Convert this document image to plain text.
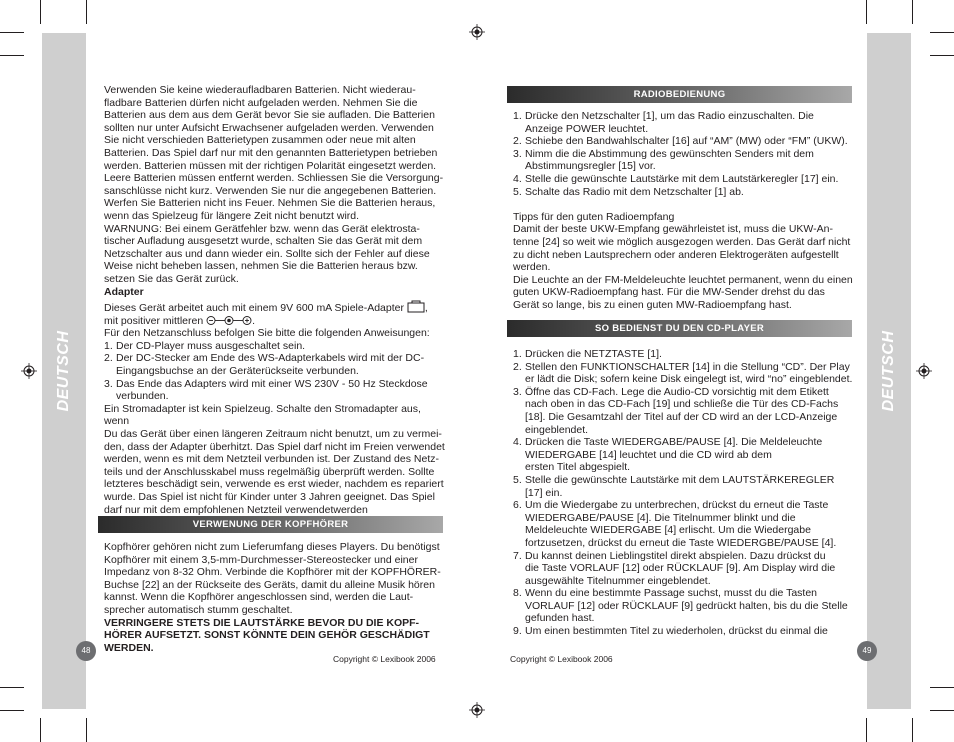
DEUTSCH	DEUTSCH
48	49

Verwenden Sie keine wiederaufladbaren Batterien. Nicht wiederau-

fladbare Batterien dürfen nicht aufgeladen werden. Nehmen Sie die

Batterien aus dem aus dem Gerät bevor Sie sie aufladen. Die Batterien

sollten nur unter Aufsicht Erwachsener aufgeladen werden. Verwenden

Sie nicht verschieden Batterietypen zusammen oder neue mit alten

Batterien. Das Spiel darf nur mit den genannten Batterietypen betrieben

werden. Batterien müssen mit der richtigen Polarität eingesetzt werden.

Leere Batterien müssen entfernt werden. Schliessen Sie die Versorgung-

sanschlüsse nicht kurz. Verwenden Sie nur die angegebenen Batterien.

Werfen Sie Batterien nicht ins Feuer. Nehmen Sie die Batterien heraus,

wenn das Spielzeug für längere Zeit nicht benutzt wird.

WARNUNG: Bei einem Gerätfehler bzw. wenn das Gerät elektrosta-

tischer Aufladung ausgesetzt wurde, schalten Sie das Gerät mit dem

Netzschalter aus und dann wieder ein. Sollte sich der Fehler auf diese

Weise nicht beheben lassen, nehmen Sie die Batterien heraus bzw.

setzen Sie das Gerät zurück.

Adapter

Dieses Gerät arbeitet auch mit einem 9V 600 mA Spiele-Adapter ,

mit positiver mittleren	.

Für den Netzanschluss befolgen Sie bitte die folgenden Anweisungen:

1. Der CD-Player muss ausgeschaltet sein.
2. Der DC-Stecker am Ende des WS-Adapterkabels wird mit der DC-
Eingangsbuchse an der Geräterückseite verbunden.
3. Das Ende das Adapters wird mit einer WS 230V - 50 Hz Steckdose
verbunden.

Ein Stromadapter ist kein Spielzeug. Schalte den Stromadapter aus, wenn

Du das Gerät über einen längeren Zeitraum nicht benutzt, um zu vermei-

den, dass der Adapter überhitzt. Das Spiel darf nicht im Freien verwendet

werden, wenn es mit dem Netzteil verbunden ist. Der Zustand des Netz-

teils und der Anschlusskabel muss regelmäßig überprüft werden. Sollte

letzteres beschädigt sein, verwende es erst wieder, nachdem es repariert

wurde. Das Spiel ist nicht für Kinder unter 3 Jahren geeignet. Das Spiel

darf nur mit dem empfohlenen Netzteil verwendetwerden

VERWENUNG DER KOPFHÖRER

Kopfhörer gehören nicht zum Lieferumfang dieses Players. Du benötigst

Kopfhörer mit einem 3,5-mm-Durchmesser-Stereostecker und einer

Impedanz von 8-32 Ohm. Verbinde die Kopfhörer mit der KOPFHÖRER-

Buchse [22] an der Rückseite des Geräts, damit du alleine Musik hören

kannst. Wenn die Kopfhörer angeschlossen sind, werden die Laut-

sprecher automatisch stumm geschaltet.

VERRINGERE STETS DIE LAUTSTÄRKE BEVOR DU DIE KOPF-

HÖRER AUFSETZT. SONST KÖNNTE DEIN GEHÖR GESCHÄDIGT

WERDEN.

Copyright © Lexibook 2006
RADIOBEDIENUNG
1. Drücke den Netzschalter [1], um das Radio einzuschalten. Die
Anzeige POWER leuchtet.
2. Schiebe den Bandwahlschalter [16] auf “AM” (MW) oder “FM” (UKW).
3. Nimm die die Abstimmung des gewünschten Senders mit dem
Abstimmungsregler [15] vor.
4. Stelle die gewünschte Lautstärke mit dem Lautstärkeregler [17] ein.
5. Schalte das Radio mit dem Netzschalter [1] ab.

Tipps für den guten Radioempfang

Damit der beste UKW-Empfang gewährleistet ist, muss die UKW-An-

tenne [24] so weit wie möglich ausgezogen werden. Das Gerät darf nicht

zu dicht neben Lautsprechern oder anderen Elektrogeräten aufgestellt

werden.

Die Leuchte an der FM-Meldeleuchte leuchtet permanent, wenn du einen

guten UKW-Radioempfang hast. Für die MW-Sender drehst du das

Gerät so lange, bis zu einen guten MW-Radioempfang hast.

SO BEDIENST DU DEN CD-PLAYER
1. Drücken die NETZTASTE [1].
2. Stellen den FUNKTIONSCHALTER [14] in die Stellung “CD”. Der Play
er lädt die Disk; sofern keine Disk eingelegt ist, wird “no” eingeblendet.
3. Öffne das CD-Fach. Lege die Audio-CD vorsichtig mit dem Etikett
nach oben in das CD-Fach [19] und schließe die Tür des CD-Fachs
[18]. Die Gesamtzahl der Titel auf der CD wird an der LCD-Anzeige
eingeblendet.
4. Drücken die Taste WIEDERGABE/PAUSE [4]. Die Meldeleuchte
WIEDERGABE [14] leuchtet und die CD wird ab dem
ersten Titel abgespielt.
5. Stelle die gewünschte Lautstärke mit dem LAUTSTÄRKEREGLER
[17] ein.
6. Um die Wiedergabe zu unterbrechen, drückst du erneut die Taste
WIEDERGABE/PAUSE [4]. Die Titelnummer blinkt und die
Meldeleuchte WIEDERGABE [4] erlischt. Um die Wiedergabe
fortzusetzen, drückst du erneut die Taste WIEDERGBE/PAUSE [4].
7. Du kannst deinen Lieblingstitel direkt abspielen. Dazu drückst du
die Taste VORLAUF [12] oder RÜCKLAUF [9]. Am Display wird die
ausgewählte Titelnummer eingeblendet.
8. Wenn du eine bestimmte Passage suchst, musst du die Tasten
VORLAUF [12] oder RÜCKLAUF [9] gedrückt halten, bis du die Stelle
gefunden hast.
9. Um einen bestimmten Titel zu wiederholen, drückst du einmal die
Copyright © Lexibook 2006
